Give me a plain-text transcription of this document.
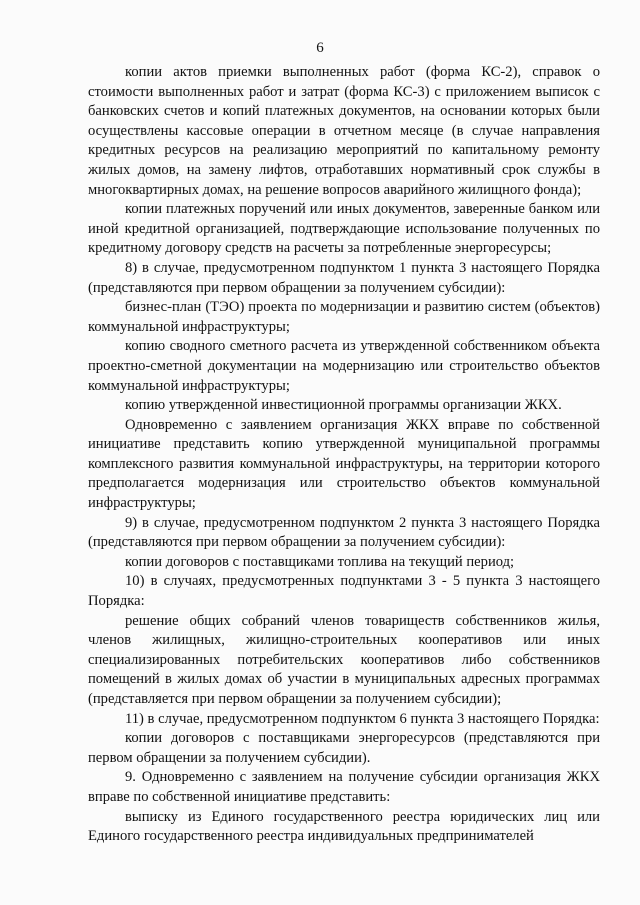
6

копии актов приемки выполненных работ (форма КС-2), справок о стоимости выполненных работ и затрат (форма КС-3) с приложением выписок с банковских счетов и копий платежных документов, на основании которых были осуществлены кассовые операции в отчетном месяце (в случае направления кредитных ресурсов на реализацию мероприятий по капитальному ремонту жилых домов, на замену лифтов, отработавших нормативный срок службы в многоквартирных домах, на решение вопросов аварийного жилищного фонда);

копии платежных поручений или иных документов, заверенные банком или иной кредитной организацией, подтверждающие использование полученных по кредитному договору средств на расчеты за потребленные энергоресурсы;

8) в случае, предусмотренном подпунктом 1 пункта 3 настоящего Порядка (представляются при первом обращении за получением субсидии):

бизнес-план (ТЭО) проекта по модернизации и развитию систем (объектов) коммунальной инфраструктуры;

копию сводного сметного расчета из утвержденной собственником объекта проектно-сметной документации на модернизацию или строительство объектов коммунальной инфраструктуры;

копию утвержденной инвестиционной программы организации ЖКХ.

Одновременно с заявлением организация ЖКХ вправе по собственной инициативе представить копию утвержденной муниципальной программы комплексного развития коммунальной инфраструктуры, на территории которого предполагается модернизация или строительство объектов коммунальной инфраструктуры;

9) в случае, предусмотренном подпунктом 2 пункта 3 настоящего Порядка (представляются при первом обращении за получением субсидии):

копии договоров с поставщиками топлива на текущий период;

10) в случаях, предусмотренных подпунктами 3 - 5 пункта 3 настоящего Порядка:

решение общих собраний членов товариществ собственников жилья, членов жилищных, жилищно-строительных кооперативов или иных специализированных потребительских кооперативов либо собственников помещений в жилых домах об участии в муниципальных адресных программах (представляется при первом обращении за получением субсидии);

11) в случае, предусмотренном подпунктом 6 пункта 3 настоящего Порядка:

копии договоров с поставщиками энергоресурсов (представляются при первом обращении за получением субсидии).

9. Одновременно с заявлением на получение субсидии организация ЖКХ вправе по собственной инициативе представить:

выписку из Единого государственного реестра юридических лиц или Единого государственного реестра индивидуальных предпринимателей
